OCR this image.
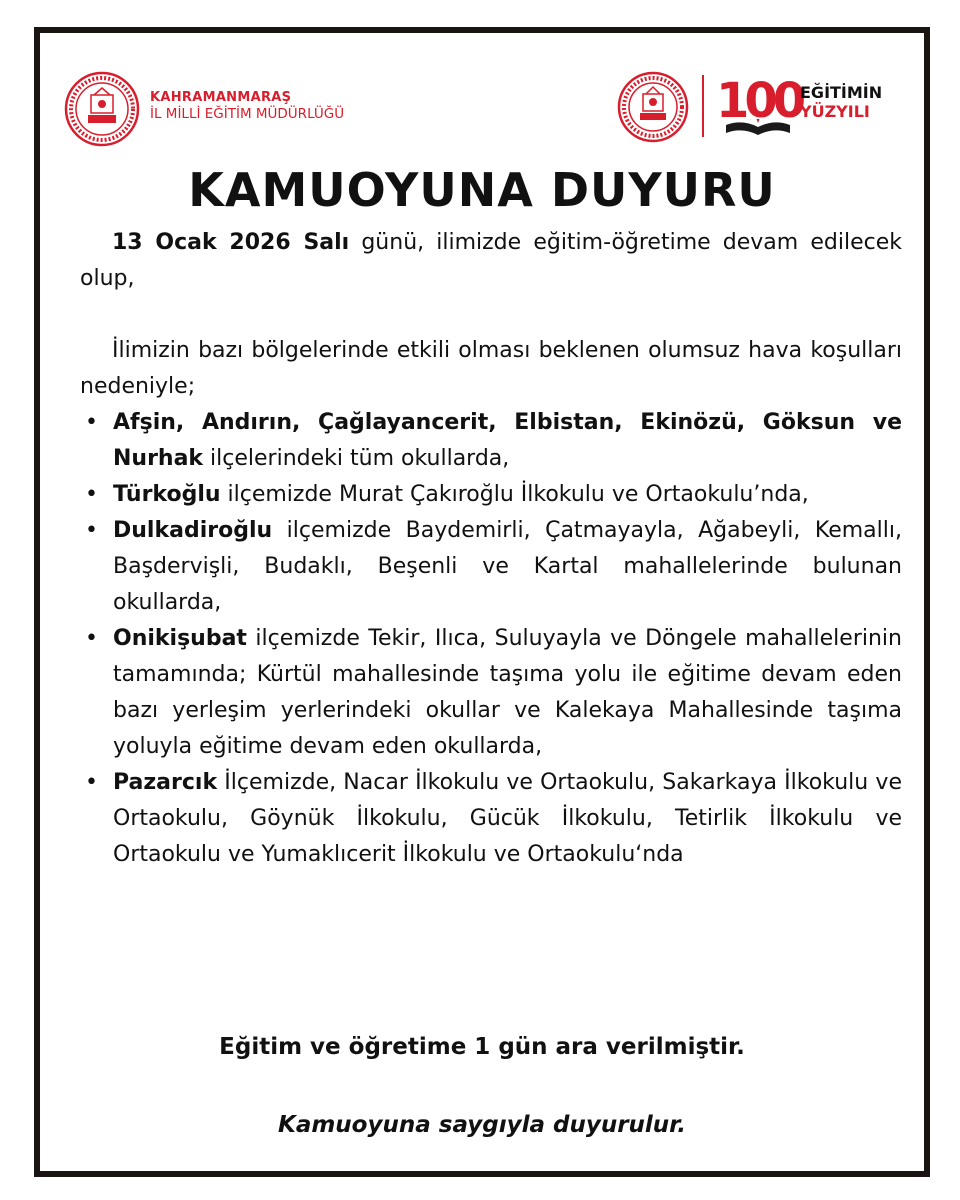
KAHRAMANMARAŞ
İL MİLLİ EĞİTİM MÜDÜRLÜĞÜ	100
EĞİTİMİN
YÜZYILI
KAMUOYUNA DUYURU

13 Ocak 2026 Salı günü, ilimizde eğitim-öğretime devam edilecek olup,

İlimizin bazı bölgelerinde etkili olması beklenen olumsuz hava koşulları nedeniyle;

• Afşin, Andırın, Çağlayancerit, Elbistan, Ekinözü, Göksun ve Nurhak ilçelerindeki tüm okullarda,
• Türkoğlu ilçemizde Murat Çakıroğlu İlkokulu ve Ortaokulu’nda,
• Dulkadiroğlu ilçemizde Baydemirli, Çatmayayla, Ağabeyli, Kemallı, Başdervişli, Budaklı, Beşenli ve Kartal mahallelerinde bulunan okullarda,
• Onikişubat ilçemizde Tekir, Ilıca, Suluyayla ve Döngele mahallelerinin tamamında; Kürtül mahallesinde taşıma yolu ile eğitime devam eden bazı yerleşim yerlerindeki okullar ve Kalekaya Mahallesinde taşıma yoluyla eğitime devam eden okullarda,
• Pazarcık İlçemizde, Nacar İlkokulu ve Ortaokulu, Sakarkaya İlkokulu ve Ortaokulu, Göynük İlkokulu, Gücük İlkokulu, Tetirlik İlkokulu ve Ortaokulu ve Yumaklıcerit İlkokulu ve Ortaokulu‘nda
Eğitim ve öğretime 1 gün ara verilmiştir.
Kamuoyuna saygıyla duyurulur.
